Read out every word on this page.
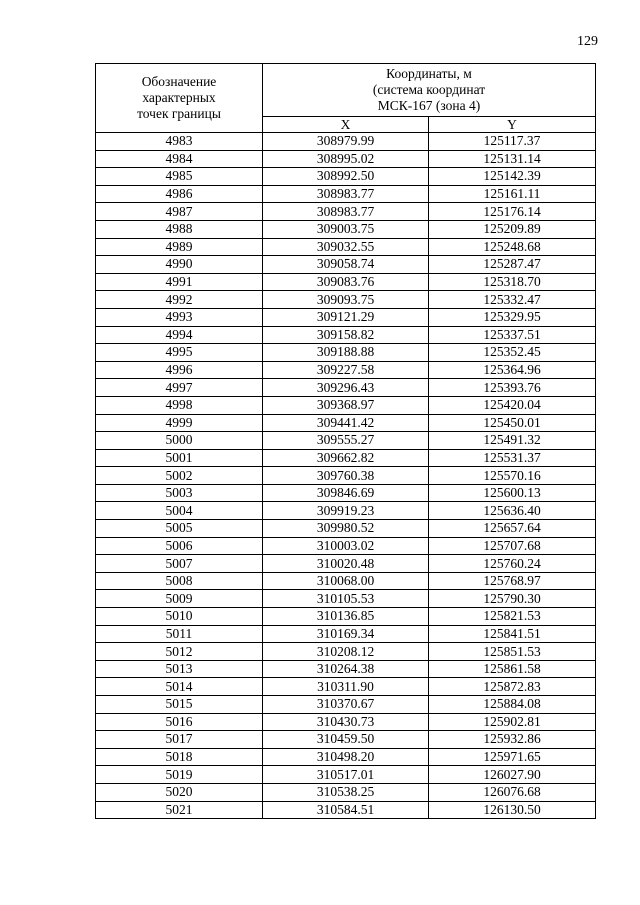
129
Обозначение
характерных
точек границы	Координаты, м
(система координат
МСК-167 (зона 4)	

	X	Y
4983	308979.99	125117.37
4984	308995.02	125131.14
4985	308992.50	125142.39
4986	308983.77	125161.11
4987	308983.77	125176.14
4988	309003.75	125209.89
4989	309032.55	125248.68
4990	309058.74	125287.47
4991	309083.76	125318.70
4992	309093.75	125332.47
4993	309121.29	125329.95
4994	309158.82	125337.51
4995	309188.88	125352.45
4996	309227.58	125364.96
4997	309296.43	125393.76
4998	309368.97	125420.04
4999	309441.42	125450.01
5000	309555.27	125491.32
5001	309662.82	125531.37
5002	309760.38	125570.16
5003	309846.69	125600.13
5004	309919.23	125636.40
5005	309980.52	125657.64
5006	310003.02	125707.68
5007	310020.48	125760.24
5008	310068.00	125768.97
5009	310105.53	125790.30
5010	310136.85	125821.53
5011	310169.34	125841.51
5012	310208.12	125851.53
5013	310264.38	125861.58
5014	310311.90	125872.83
5015	310370.67	125884.08
5016	310430.73	125902.81
5017	310459.50	125932.86
5018	310498.20	125971.65
5019	310517.01	126027.90
5020	310538.25	126076.68
5021	310584.51	126130.50
